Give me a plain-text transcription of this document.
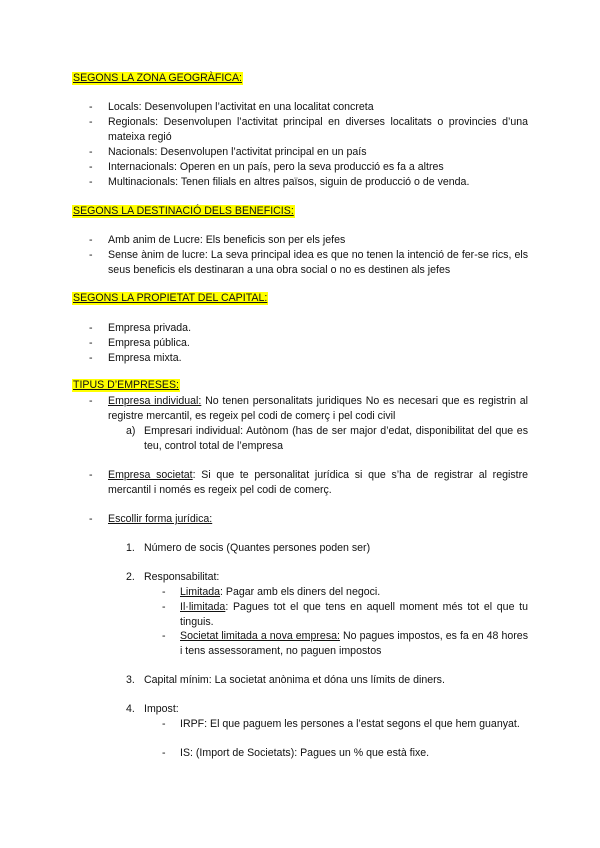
SEGONS LA ZONA GEOGRÀFICA:
- Locals: Desenvolupen l’activitat en una localitat concreta
- Regionals: Desenvolupen l’activitat principal en diverses localitats o provincies d’una mateixa regió
- Nacionals: Desenvolupen l’activitat principal en un país
- Internacionals: Operen en un país, pero la seva producció es fa a altres
- Multinacionals: Tenen filials en altres països, siguin de producció o de venda.
SEGONS LA DESTINACIÓ DELS BENEFICIS:
- Amb anim de Lucre: Els beneficis son per els jefes
- Sense ànim de lucre: La seva principal idea es que no tenen la intenció de fer-se rics, els seus beneficis els destinaran a una obra social o no es destinen als jefes
SEGONS LA PROPIETAT DEL CAPITAL:
- Empresa privada.
- Empresa pública.
- Empresa mixta.
TIPUS D’EMPRESES:
- Empresa individual: No tenen personalitats juridiques No es necesari que es registrin al registre mercantil, es regeix pel codi de comerç i pel codi civil
a) Empresari individual: Autònom (has de ser major d’edat, disponibilitat del que es teu, control total de l’empresa
- Empresa societat: Si que te personalitat jurídica si que s’ha de registrar al registre mercantil i només es regeix pel codi de comerç.
- Escollir forma jurídica:
1. Número de socis (Quantes persones poden ser)
2. Responsabilitat:
- Limitada: Pagar amb els diners del negoci.
- Il·limitada: Pagues tot el que tens en aquell moment més tot el que tu tinguis.
- Societat limitada a nova empresa: No pagues impostos, es fa en 48 hores i tens assessorament, no paguen impostos
3. Capital mínim: La societat anònima et dóna uns límits de diners.
4. Impost:
- IRPF: El que paguem les persones a l’estat segons el que hem guanyat.
- IS: (Import de Societats): Pagues un % que està fixe.
